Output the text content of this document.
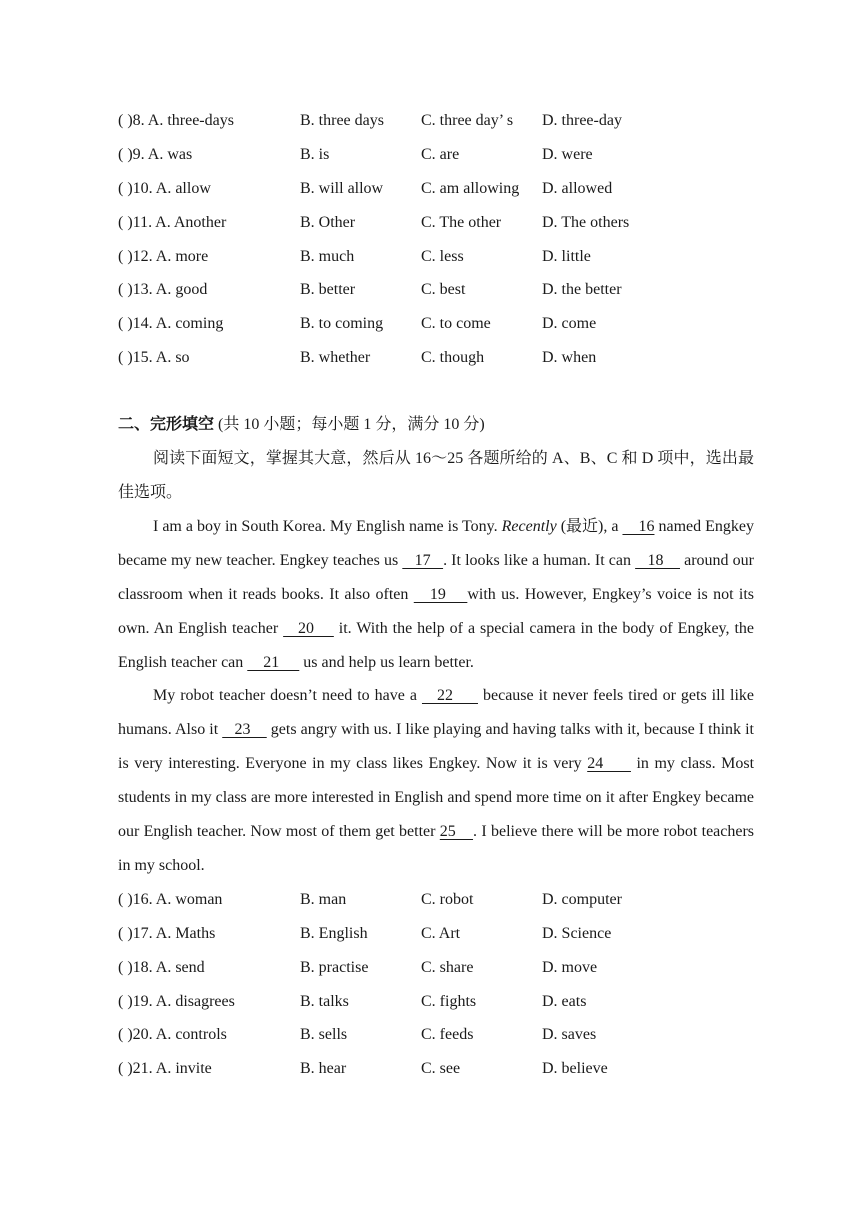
( )8. A. three-days	B. three days C. three day’ s D. three-day
( )9. A. was	B. is	C. are	D. were
( )10. A. allow	B. will allow C. am allowing D. allowed
( )11. A. Another	B. Other	C. The other	D. The others
( )12. A. more	B. much	C. less	D. little
( )13. A. good	B. better	C. best	D. the better
( )14. A. coming	B. to coming C. to come	D. come
( )15. A. so	B. whether	C. though	D. when
二、完形填空 (共 10 小题；每小题 1 分，满分 10 分)

阅读下面短文，掌握其大意，然后从 16～25 各题所给的 A、B、C 和 D 项中，选出最佳选项。

I am a boy in South Korea. My English name is Tony. Recently (最近), a     16 named Engkey became my new teacher. Engkey teaches us    17   . It looks like a human. It can    18     around our classroom when it reads books. It also often    19    with us. However, Engkey’s voice is not its own. An English teacher    20     it. With the help of a special camera in the body of Engkey, the English teacher can     21      us and help us learn better.

My robot teacher doesn’t need to have a    22      because it never feels tired or gets ill like humans. Also it    23     gets angry with us. I like playing and having talks with it, because I think it is very interesting. Everyone in my class likes Engkey. Now it is very 24      in my class. Most students in my class are more interested in English and spend more time on it after Engkey became our English teacher. Now most of them get better 25    . I believe there will be more robot teachers in my school.

( )16. A. woman	B. man	C. robot	D. computer
( )17. A. Maths	B. English	C. Art	D. Science
( )18. A. send	B. practise	C. share	D. move
( )19. A. disagrees	B. talks	C. fights	D. eats
( )20. A. controls	B. sells	C. feeds	D. saves
( )21. A. invite	B. hear	C. see	D. believe
